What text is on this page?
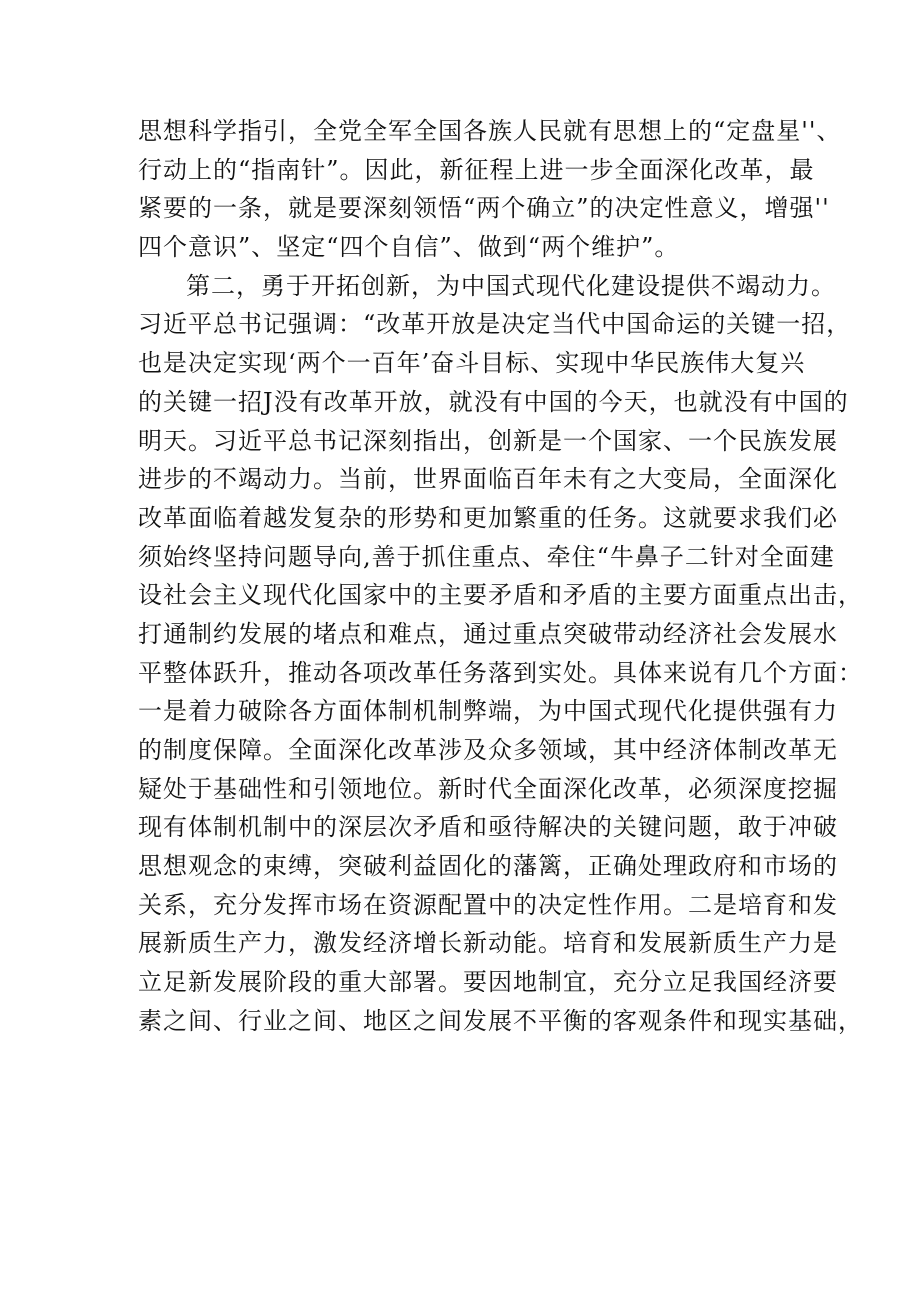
思想科学指引，全党全军全国各族人民就有思想上的“定盘星''、
行动上的“指南针”。因此，新征程上进一步全面深化改革，最
紧要的一条，就是要深刻领悟“两个确立”的决定性意义，增强''
四个意识”、坚定“四个自信”、做到“两个维护”。
第二，勇于开拓创新，为中国式现代化建设提供不竭动力。
习近平总书记强调：“改革开放是决定当代中国命运的关键一招，
也是决定实现‘两个一百年’奋斗目标、实现中华民族伟大复兴
的关键一招J没有改革开放，就没有中国的今天，也就没有中国的
明天。习近平总书记深刻指出，创新是一个国家、一个民族发展
进步的不竭动力。当前，世界面临百年未有之大变局，全面深化
改革面临着越发复杂的形势和更加繁重的任务。这就要求我们必
须始终坚持问题导向,善于抓住重点、牵住“牛鼻子二针对全面建
设社会主义现代化国家中的主要矛盾和矛盾的主要方面重点出击，
打通制约发展的堵点和难点，通过重点突破带动经济社会发展水
平整体跃升，推动各项改革任务落到实处。具体来说有几个方面：
一是着力破除各方面体制机制弊端，为中国式现代化提供强有力
的制度保障。全面深化改革涉及众多领域，其中经济体制改革无
疑处于基础性和引领地位。新时代全面深化改革，必须深度挖掘
现有体制机制中的深层次矛盾和亟待解决的关键问题，敢于冲破
思想观念的束缚，突破利益固化的藩篱，正确处理政府和市场的
关系，充分发挥市场在资源配置中的决定性作用。二是培育和发
展新质生产力，激发经济增长新动能。培育和发展新质生产力是
立足新发展阶段的重大部署。要因地制宜，充分立足我国经济要
素之间、行业之间、地区之间发展不平衡的客观条件和现实基础，
